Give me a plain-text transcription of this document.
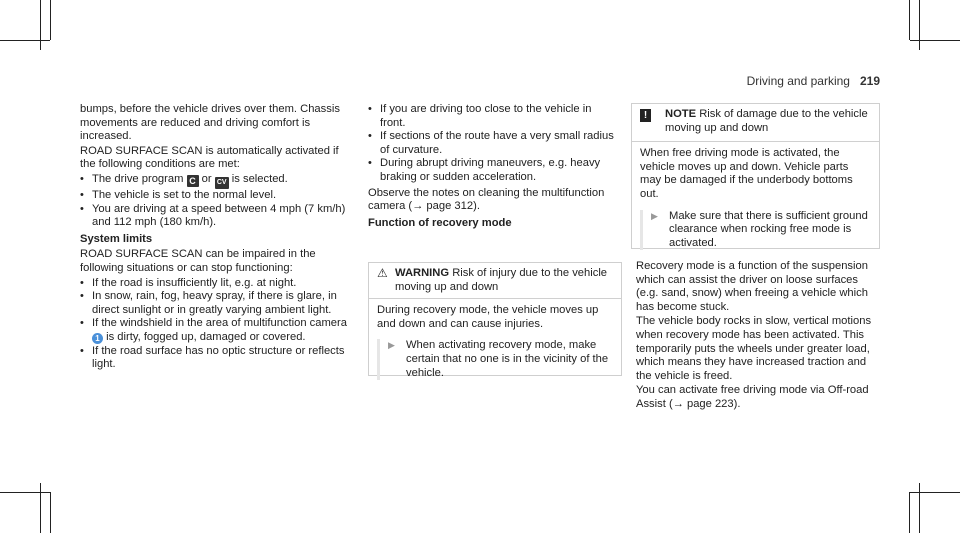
Driving and parking 219

bumps, before the vehicle drives over them. Chassis movements are reduced and driving comfort is increased.

ROAD SURFACE SCAN is automatically activated if the following conditions are met:

• The drive program C or CV is selected.
• The vehicle is set to the normal level.
• You are driving at a speed between 4 mph (7 km/h) and 112 mph (180 km/h).
System limits

ROAD SURFACE SCAN can be impaired in the following situations or can stop functioning:

• If the road is insufficiently lit, e.g. at night.
• In snow, rain, fog, heavy spray, if there is glare, in direct sunlight or in greatly varying ambient light.
• If the windshield in the area of multifunction camera 1 is dirty, fogged up, damaged or covered.
• If the road surface has no optic structure or reflects light.
• If you are driving too close to the vehicle in front.
• If sections of the route have a very small radius of curvature.
• During abrupt driving maneuvers, e.g. heavy braking or sudden acceleration.

Observe the notes on cleaning the multifunction camera (→ page 312).

Function of recovery mode
⚠ WARNING Risk of injury due to the vehicle moving up and down
During recovery mode, the vehicle moves up and down and can cause injuries.
▶ When activating recovery mode, make certain that no one is in the vicinity of the vehicle.
!	NOTE Risk of damage due to the vehicle moving up and down
When free driving mode is activated, the vehicle moves up and down. Vehicle parts may be damaged if the underbody bottoms out.
▶ Make sure that there is sufficient ground clearance when rocking free mode is activated.

Recovery mode is a function of the suspension which can assist the driver on loose surfaces (e.g. sand, snow) when freeing a vehicle which has become stuck.

The vehicle body rocks in slow, vertical motions when recovery mode has been activated. This temporarily puts the wheels under greater load, which means they have increased traction and the vehicle is freed.

You can activate free driving mode via Off-road Assist (→ page 223).
